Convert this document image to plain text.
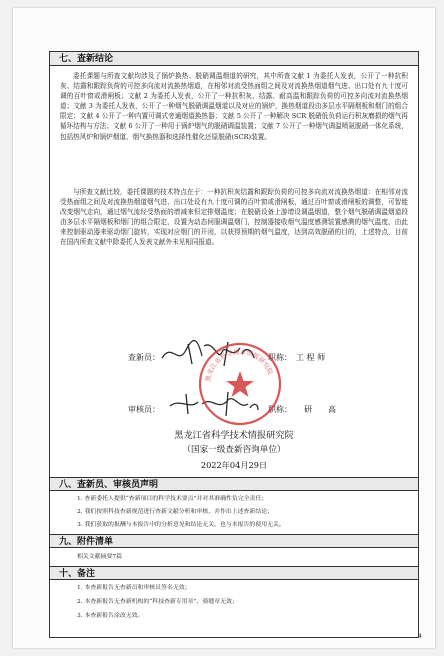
七、查新结论
委托课题与所查文献均涉及了锅炉换热、脱硝调温烟道的研究，其中所查文献 1 为委托人发表，公开了一种抗积灰、结露和跟踪负荷的可控多向流对流换热烟道，在相邻对流受热面组之间及对流换热烟道烟气进、出口处有九十度可调的百叶窗或滑闸板；文献 2 为委托人发表，公开了一种抗积灰、结露、耐高温和跟踪负荷的可控多向流对流换热烟道；文献 3 为委托人发表，公开了一种烟气脱硝调温烟道以及对应的锅炉，换热烟道段由多层水平隔烟板和烟门的组合限定；文献 4 公开了一种内置可调式旁通烟道换热器；文献 5 公开了一种解决 SCR 脱硝低负荷运行积灰磨损的烟气再循环结构与方法；文献 6 公开了一种用于锅炉烟气的脱硝调温装置；文献 7 公开了一种烟气调温喷氨脱硝一体化系统，包括热风炉和锅炉烟道、烟气换热器和选择性催化还原脱硝(SCR)装置。
与所查文献比较，委托课题的技术特点在于：一种抗积灰结露和跟踪负荷的可控多向流对流换热烟道：在相邻对流受热面组之间及对流换热烟道烟气进、出口处设有九十度可调的百叶窗或滑闸板，通过百叶窗或滑闸板的调整，可智能改变烟气走向，通过烟气流经受热面的增减来恒定排烟温度；在脱硝设备上游增设调温烟道，整个烟气脱硝调温烟道段由多层水平隔烟板和烟门的组合限定，设置为动态伺服调温烟门，控制器接收烟气温度感测装置感测的烟气温度，由此来控制驱动器来驱动烟门旋转，实现对应烟门的开闭，以获得预期的烟气温度，达到高效脱硝的目的，上述特点，目前在国内所查文献中除委托人发表文献外未见相同报道。
查新员：	职称： 工 程 师
审核员：	职称： 研　　高
黑龙江省科学技术情报研究院
黑龙江省科学技术情报研究院
（国家一级查新咨询单位）
2022年04月29日
八、查新员、审核员声明
1. 查新委托人提供“查新项目的科学技术要点”并对其准确性负完全责任；
2. 我们按照科技查新规范进行查新文献分析和审核，并作出上述查新结论；
3. 我们获取的报酬与本报告中的分析意见和结论无关，也与本报告的使用无关。
九、附件清单
相关文献摘要7篇
十、备注
1. 本查新报告无查新员和审核员签名无效；
2. 本查新报告无查新机构的“科技查新专用章”、骑缝章无效；
3. 本查新报告涂改无效。
4
